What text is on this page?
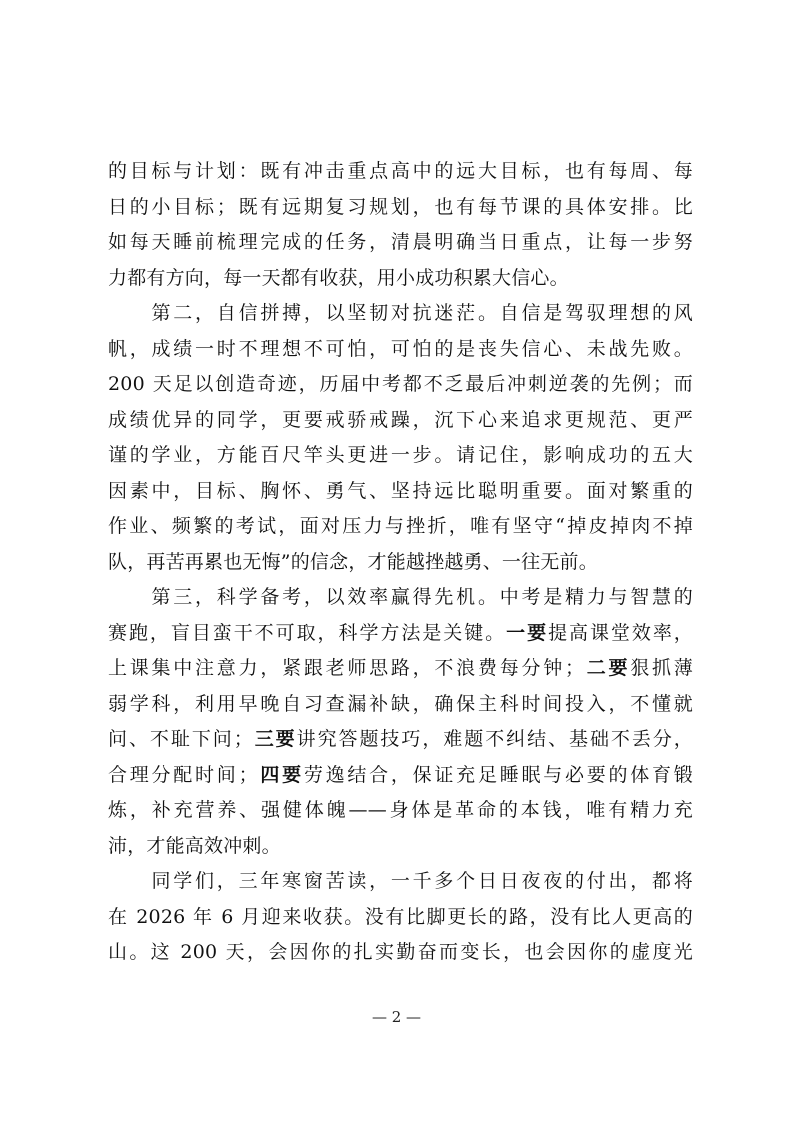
的目标与计划：既有冲击重点高中的远大目标，也有每周、每
日的小目标；既有远期复习规划，也有每节课的具体安排。比
如每天睡前梳理完成的任务，清晨明确当日重点，让每一步努
力都有方向，每一天都有收获，用小成功积累大信心。
　　第二，自信拼搏，以坚韧对抗迷茫。自信是驾驭理想的风
帆，成绩一时不理想不可怕，可怕的是丧失信心、未战先败。
200 天足以创造奇迹，历届中考都不乏最后冲刺逆袭的先例；而
成绩优异的同学，更要戒骄戒躁，沉下心来追求更规范、更严
谨的学业，方能百尺竿头更进一步。请记住，影响成功的五大
因素中，目标、胸怀、勇气、坚持远比聪明重要。面对繁重的
作业、频繁的考试，面对压力与挫折，唯有坚守“掉皮掉肉不掉
队，再苦再累也无悔”的信念，才能越挫越勇、一往无前。
　　第三，科学备考，以效率赢得先机。中考是精力与智慧的
赛跑，盲目蛮干不可取，科学方法是关键。一要提高课堂效率，
上课集中注意力，紧跟老师思路，不浪费每分钟；二要狠抓薄
弱学科，利用早晚自习查漏补缺，确保主科时间投入，不懂就
问、不耻下问；三要讲究答题技巧，难题不纠结、基础不丢分，
合理分配时间；四要劳逸结合，保证充足睡眠与必要的体育锻
炼，补充营养、强健体魄——身体是革命的本钱，唯有精力充
沛，才能高效冲刺。
　　同学们，三年寒窗苦读，一千多个日日夜夜的付出，都将
在 2026 年 6 月迎来收获。没有比脚更长的路，没有比人更高的
山。这 200 天，会因你的扎实勤奋而变长，也会因你的虚度光
— 2 —
